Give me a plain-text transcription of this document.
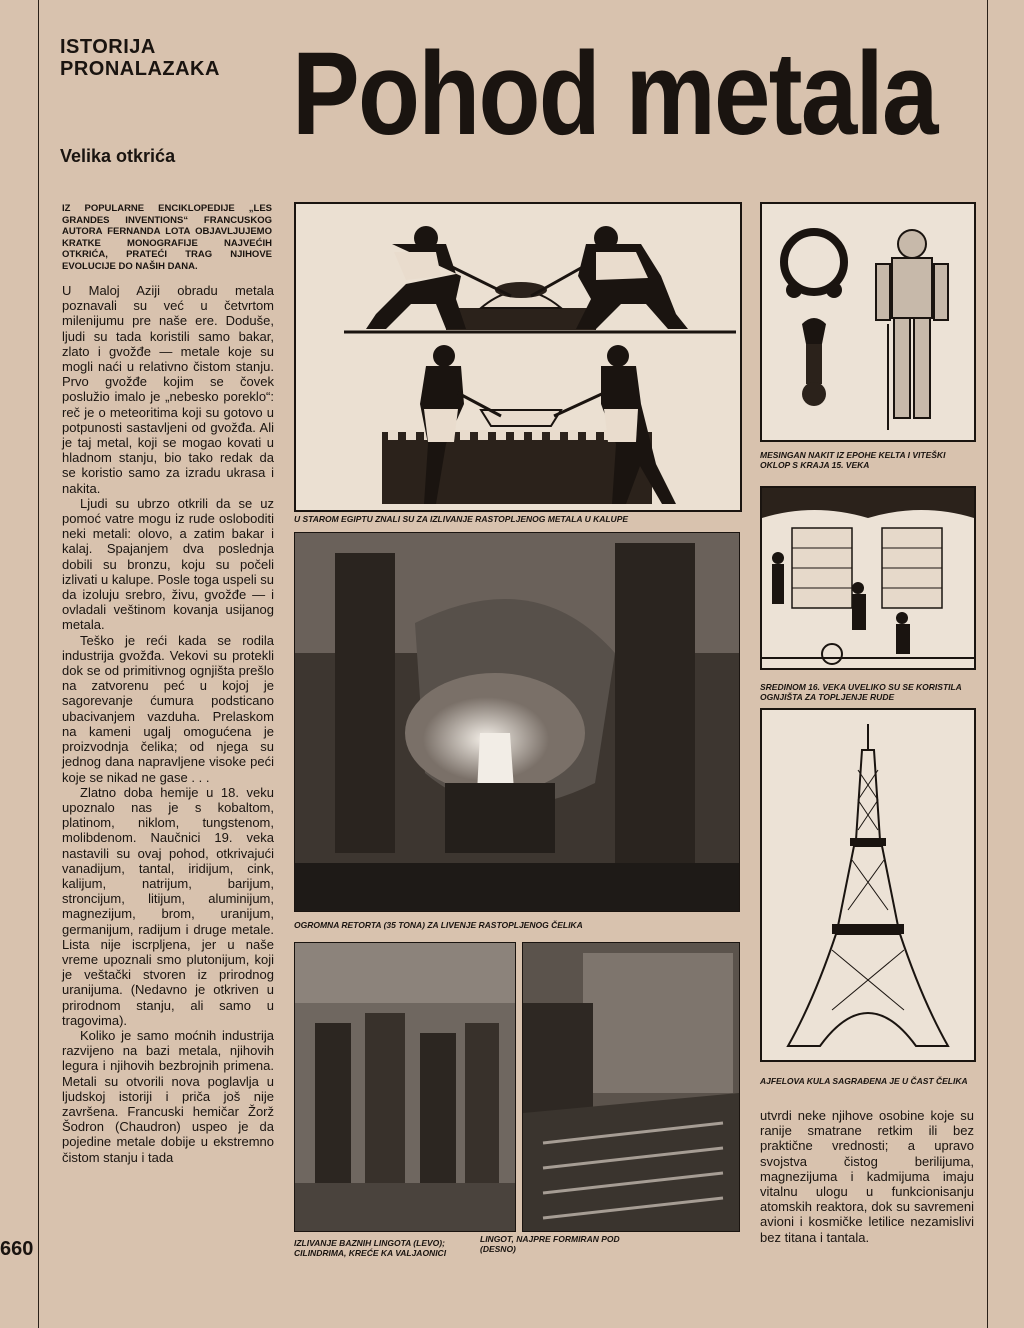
ISTORIJA
PRONALAZAKA
Velika otkrića Pohod metala
IZ POPULARNE ENCIKLOPEDIJE „LES GRANDES INVENTIONS“ FRANCUSKOG AUTORA FERNANDA LOTA OBJAVLJUJEMO KRATKE MONOGRAFIJE NAJVEĆIH OTKRIĆA, PRATEĆI TRAG NJIHOVE EVOLUCIJE DO NAŠIH DANA.

U Maloj Aziji obradu metala poznavali su već u četvrtom milenijumu pre naše ere. Doduše, ljudi su tada koristili samo bakar, zlato i gvožđe — metale koje su mogli naći u relativno čistom stanju. Prvo gvožđe kojim se čovek poslužio imalo je „nebesko poreklo“: reč je o meteoritima koji su gotovo u potpunosti sastavljeni od gvožđa. Ali je taj metal, koji se mogao kovati u hladnom stanju, bio tako redak da se koristio samo za izradu ukrasa i nakita.

Ljudi su ubrzo otkrili da se uz pomoć vatre mogu iz rude osloboditi neki metali: olovo, a zatim bakar i kalaj. Spajanjem dva poslednja dobili su bronzu, koju su počeli izlivati u kalupe. Posle toga uspeli su da izoluju srebro, živu, gvožđe — i ovladali veštinom kovanja usijanog metala.

Teško je reći kada se rodila industrija gvožđa. Vekovi su protekli dok se od primitivnog ognjišta prešlo na zatvorenu peć u kojoj je sagorevanje ćumura podsticano ubacivanjem vazduha. Prelaskom na kameni ugalj omogućena je proizvodnja čelika; od njega su jednog dana napravljene visoke peći koje se nikad ne gase . . .

Zlatno doba hemije u 18. veku upoznalo nas je s kobaltom, platinom, niklom, tungstenom, molibdenom. Naučnici 19. veka nastavili su ovaj pohod, otkrivajući vanadijum, tantal, iridijum, cink, kalijum, natrijum, barijum, stroncijum, litijum, aluminijum, magnezijum, brom, uranijum, germanijum, radijum i druge metale. Lista nije iscrpljena, jer u naše vreme upoznali smo plutonijum, koji je veštački stvoren iz prirodnog uranijuma. (Nedavno je otkriven u prirodnom stanju, ali samo u tragovima).

Koliko je samo moćnih industrija razvijeno na bazi metala, njihovih legura i njihovih bezbrojnih primena. Metali su otvorili nova poglavlja u ljudskoj istoriji i priča još nije završena. Francuski hemičar Žorž Šodron (Chaudron) uspeo je da pojedine metale dobije u ekstremno čistom stanju i tada

U STAROM EGIPTU ZNALI SU ZA IZLIVANJE RASTOPLJENOG METALA U KALUPE
OGROMNA RETORTA (35 TONA) ZA LIVENJE RASTOPLJENOG ČELIKA
IZLIVANJE BAZNIH LINGOTA (LEVO);
CILINDRIMA, KREĆE KA VALJAONICI
LINGOT, NAJPRE FORMIRAN POD
(DESNO)
MESINGAN NAKIT IZ EPOHE KELTA I VITEŠKI OKLOP S KRAJA 15. VEKA
SREDINOM 16. VEKA UVELIKO SU SE KORISTILA OGNJIŠTA ZA TOPLJENJE RUDE
AJFELOVA KULA SAGRAĐENA JE U ČAST ČELIKA

utvrdi neke njihove osobine koje su ranije smatrane retkim ili bez praktične vrednosti; a upravo svojstva čistog berilijuma, magnezijuma i kadmijuma imaju vitalnu ulogu u funkcionisanju atomskih reaktora, dok su savremeni avioni i kosmičke letilice nezamislivi bez titana i tantala.

660
